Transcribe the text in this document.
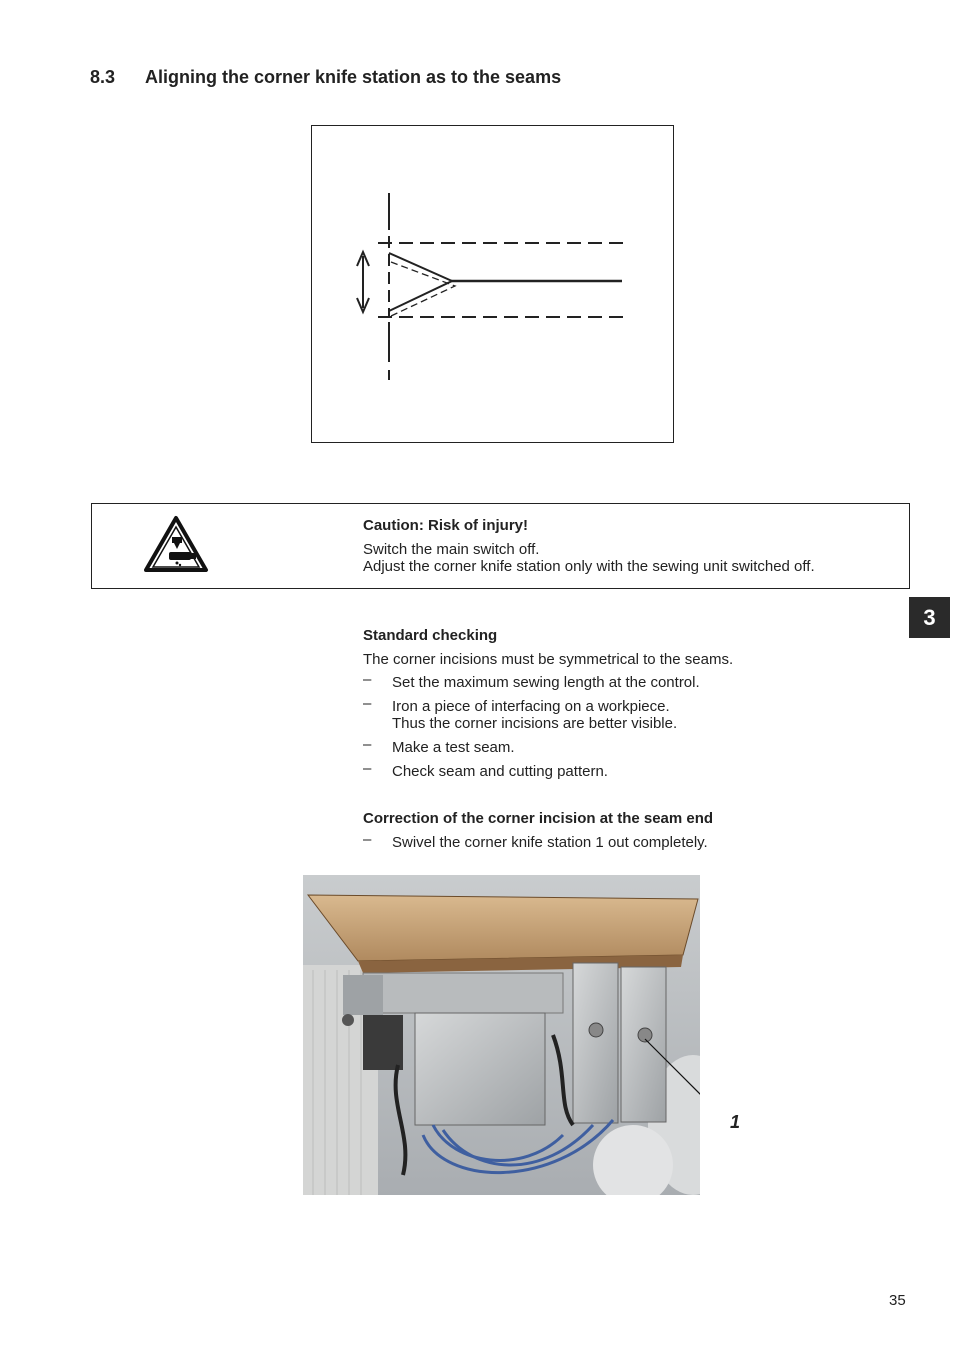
8.3 Aligning the corner knife station as to the seams
Caution: Risk of injury!
Switch the main switch off.
Adjust the corner knife station only with the sewing unit switched off.
3
Standard checking
The corner incisions must be symmetrical to the seams.
– Set the maximum sewing length at the control.
– Iron a piece of interfacing on a workpiece.
Thus the corner incisions are better visible.
– Make a test seam.
– Check seam and cutting pattern.
Correction of the corner incision at the seam end
– Swivel the corner knife station 1 out completely.
1
35
